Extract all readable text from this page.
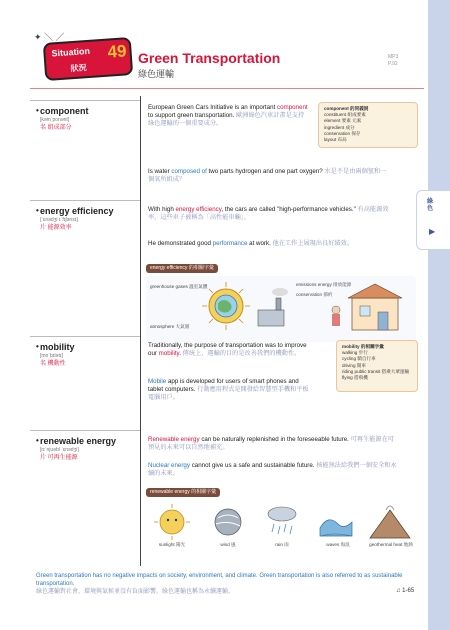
綠色
▶
✦ ＼ ／
Situation 49
狀況
Green Transportation
綠色運輸
MP3
P.92
• component
[kəmˈponənt]
名 組成部分
European Green Cars Initiative is an important component to support green transportation. 歐洲綠色汽車計畫是支持綠色運輸的一個重要成分。
component 的同義詞
constituent 組成要素
element 要素 元素
ingredient 成分
conservation 保存
layout 布局
Is water composed of two parts hydrogen and one part oxygen? 水是不是由兩個氫和一個氧所組成？
• energy efficiency
[ˈɛnədʒi ɪˈfɪʃənsɪ]
片 能源效率
With high energy efficiency, the cars are called "high-performance vehicles." 有高能源效率，這些車子被稱為「高性能車輛」。
He demonstrated good performance at work. 他在工作上展現出良好績效。
energy efficiency 的相關字彙
greenhouse gases 溫室氣體
atmosphere 大氣層
emissions energy 排放能源
conservation 節約
• mobility
[moˈbɪlətɪ]
名 機動性
Traditionally, the purpose of transportation was to improve our mobility. 傳統上，運輸的目的是改善我們的機動性。
Mobile app is developed for users of smart phones and tablet computers. 行動應用程式是開發給智慧型手機和平板電腦用戶。
mobility 的相關字彙
walking 步行
cycling 騎自行車
driving 開車
riding public transit 搭乘大眾運輸
flying 搭飛機
• renewable energy
[rɪˈnjuəbl ˈɛnədʒi]
片 可再生能源
Renewable energy can be naturally replenished in the foreseeable future. 可再生能源在可預見的未來可以自然地補充。
Nuclear energy cannot give us a safe and sustainable future. 核能無法給我們一個安全和永續的未來。
renewable energy 的相關字彙
sunlight 陽光	wind 風	rain 雨	waves 海浪	geothermal heat 地熱
Green transportation has no negative impacts on society, environment, and climate. Green transportation is also referred to as sustainable transportation.
綠色運輸對社會、環境與氣候並沒有負面影響。綠色運輸也稱為永續運輸。	♫ 1-65
